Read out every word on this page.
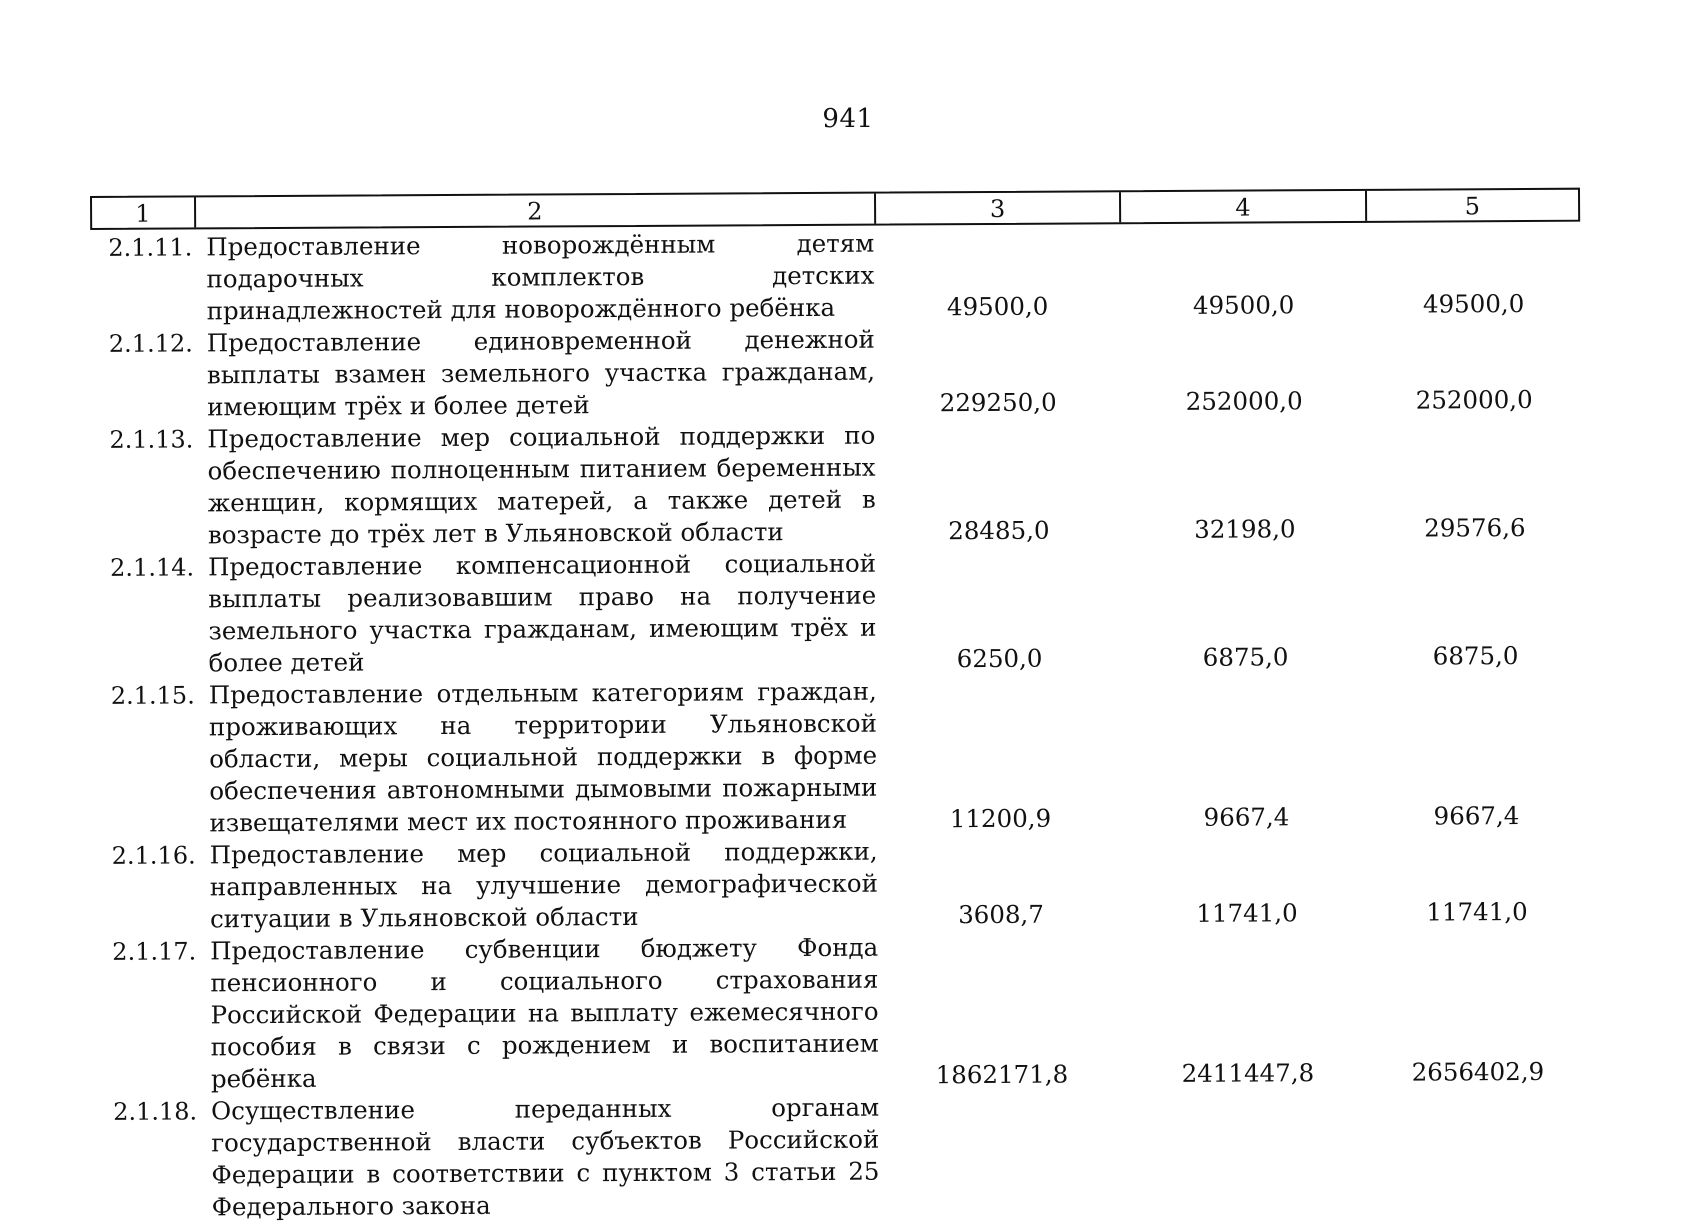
941
1	2	3	4	5
2.1.11. Предоставление новорождённым детям подарочных комплектов детских принадлежностей для новорождённого ребёнка	49500,0	49500,0	49500,0
2.1.12. Предоставление единовременной денежной выплаты взамен земельного участка гражданам, имеющим трёх и более детей	229250,0	252000,0	252000,0
2.1.13. Предоставление мер социальной поддержки по обеспечению полноценным питанием беременных женщин, кормящих матерей, а также детей в возрасте до трёх лет в Ульяновской области	28485,0	32198,0	29576,6
2.1.14. Предоставление компенсационной социальной выплаты реализовавшим право на получение земельного участка гражданам, имеющим трёх и более детей	6250,0	6875,0	6875,0
2.1.15. Предоставление отдельным категориям граждан, проживающих на территории Ульяновской области, меры социальной поддержки в форме обеспечения автономными дымовыми пожарными извещателями мест их постоянного проживания	11200,9	9667,4	9667,4
2.1.16. Предоставление мер социальной поддержки, направленных на улучшение демографической ситуации в Ульяновской области	3608,7	11741,0	11741,0
2.1.17. Предоставление субвенции бюджету Фонда пенсионного и социального страхования Российской Федерации на выплату ежемесячного пособия в связи с рождением и воспитанием ребёнка	1862171,8	2411447,8	2656402,9
2.1.18. Осуществление переданных органам государственной власти субъектов Российской Федерации в соответствии с пунктом 3 статьи 25 Федерального закона
